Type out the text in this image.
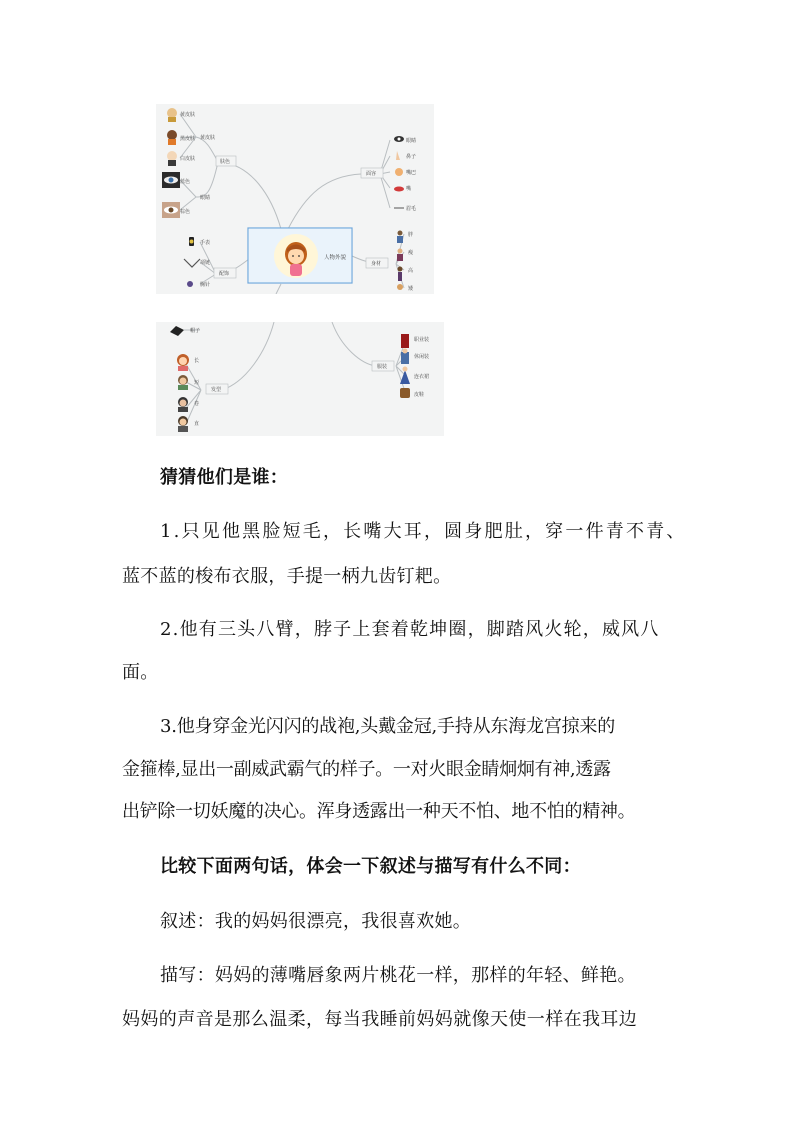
肤色
面容
身材
配饰
黄皮肤
眼睛
黄皮肤
黑皮肤
白皮肤
蓝色
棕色
眼睛
鼻子
嘴巴
嘴
眉毛
胖
瘦
高
矮
手表
项链
胸针
人物外貌
发型
服装
帽子
长
短
卷
直
职业装
休闲装
连衣裙
皮鞋
猜猜他们是谁：
1.只见他黑脸短毛，长嘴大耳，圆身肥肚，穿一件青不青、
蓝不蓝的梭布衣服，手提一柄九齿钉耙。
2.他有三头八臂，脖子上套着乾坤圈，脚踏风火轮，威风八
面。
3.他身穿金光闪闪的战袍,头戴金冠,手持从东海龙宫掠来的
金箍棒,显出一副威武霸气的样子。一对火眼金睛炯炯有神,透露
出铲除一切妖魔的决心。浑身透露出一种天不怕、地不怕的精神。
比较下面两句话，体会一下叙述与描写有什么不同：
叙述：我的妈妈很漂亮，我很喜欢她。
描写：妈妈的薄嘴唇象两片桃花一样，那样的年轻、鲜艳。
妈妈的声音是那么温柔，每当我睡前妈妈就像天使一样在我耳边
